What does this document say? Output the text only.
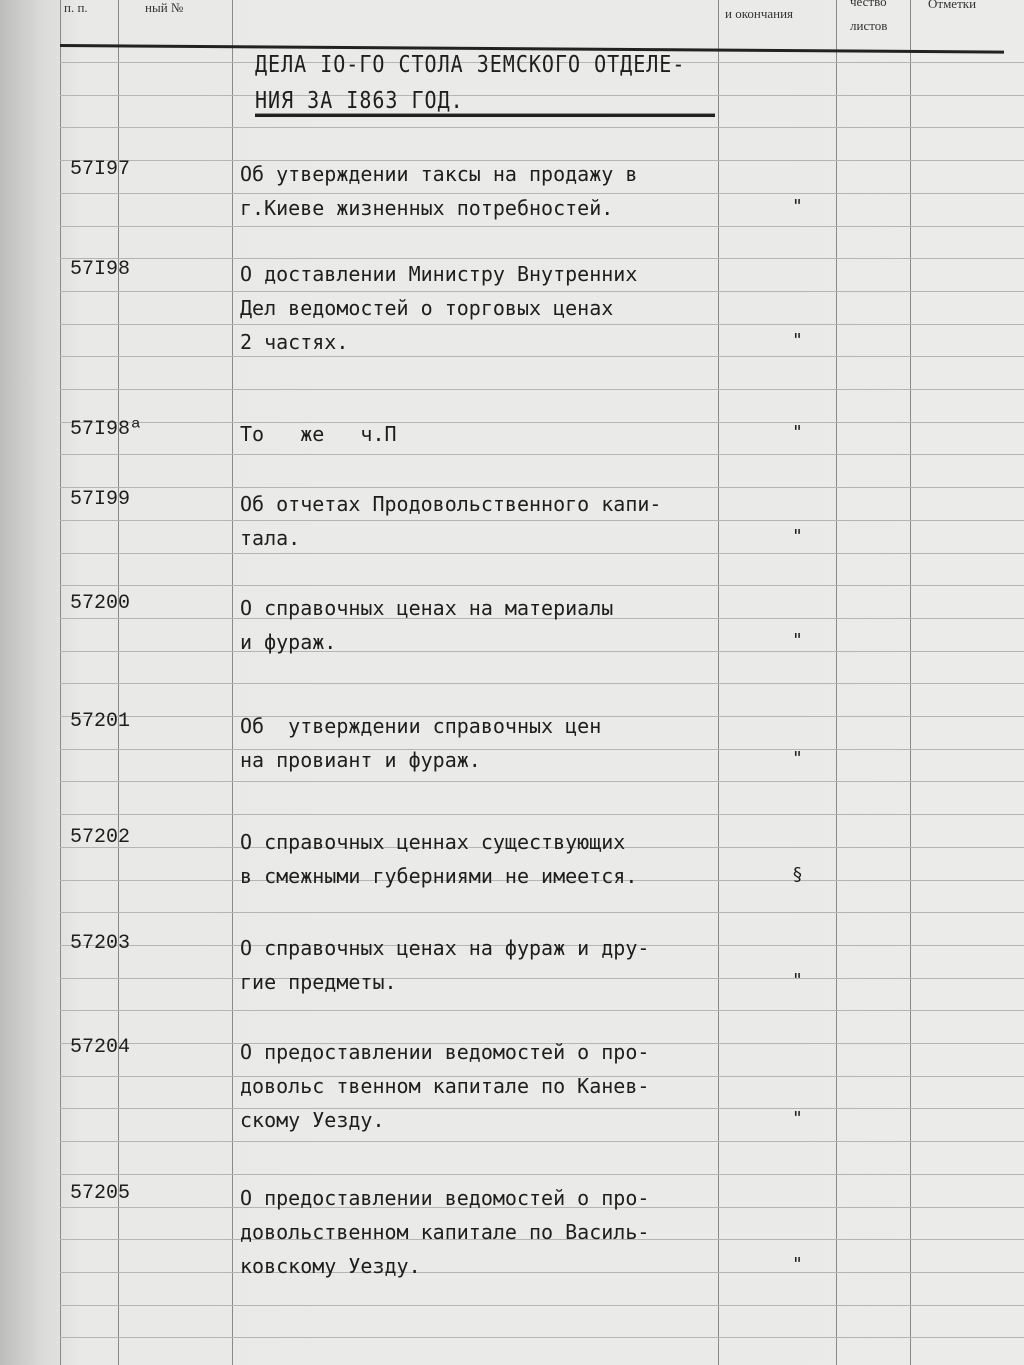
п. п.	ный №	и окончания
чество
листов
Отметки
ДЕЛА IO-ГО СТОЛА ЗЕМСКОГО ОТДЕЛЕ-
НИЯ ЗА I863 ГОД.
57I97	Об утверждении таксы на продажу в
г.Киеве жизненных потребностей.	"
57I98	О доставлении Министру Внутренних
Дел ведомостей о торговых ценах
2 частях.	"
57I98ª	То   же   ч.П	"
57I99	Об отчетах Продовольственного капи-
тала.	"
57200	О справочных ценах на материалы
и фураж.	"
57201	Об  утверждении справочных цен
на провиант и фураж.	"
57202	О справочных ценнах существующих
в смежными губерниями не имеется.	§
57203	О справочных ценах на фураж и дру-
гие предметы.	"
57204	О предоставлении ведомостей о про-
довольс твенном капитале по Канев-
скому Уезду.	"
57205	О предоставлении ведомостей о про-
довольственном капитале по Василь-
ковскому Уезду.	"
